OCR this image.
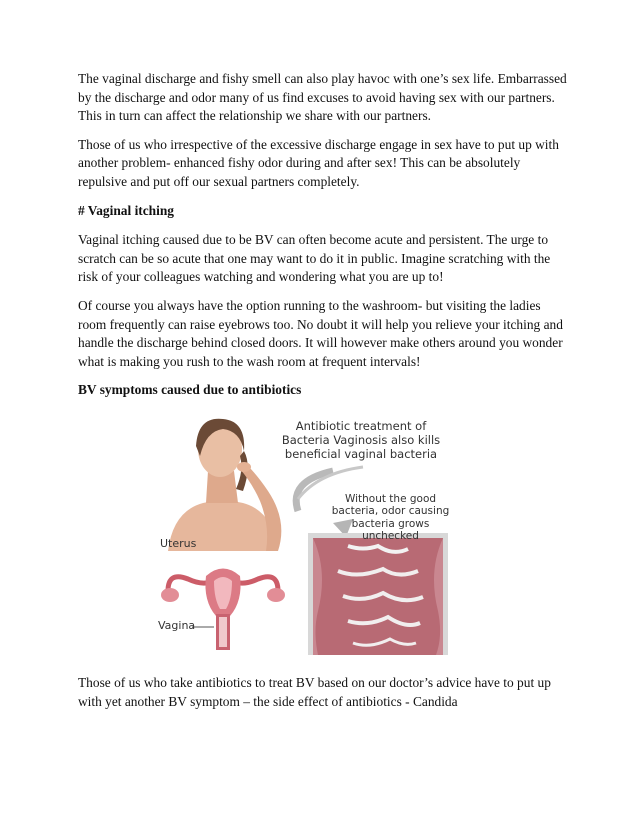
The vaginal discharge and fishy smell can also play havoc with one’s sex life. Embarrassed by the discharge and odor many of us find excuses to avoid having sex with our partners. This in turn can affect the relationship we share with our partners.

Those of us who irrespective of the excessive discharge engage in sex have to put up with another problem- enhanced fishy odor during and after sex! This can be absolutely repulsive and put off our sexual partners completely.

# Vaginal itching

Vaginal itching caused due to be BV can often become acute and persistent. The urge to scratch can be so acute that one may want to do it in public. Imagine scratching with the risk of your colleagues watching and wondering what you are up to!

Of course you always have the option running to the washroom- but visiting the ladies room frequently can raise eyebrows too. No doubt it will help you relieve your itching and handle the discharge behind closed doors. It will however make others around you wonder what is making you rush to the wash room at frequent intervals!

BV symptoms caused due to antibiotics

Antibiotic treatment of Bacteria Vaginosis also kills beneficial vaginal bacteria
Without the good bacteria, odor causing bacteria grows unchecked
Uterus
Vagina

Those of us who take antibiotics to treat BV based on our doctor’s advice have to put up with yet another BV symptom – the side effect of antibiotics - Candida
